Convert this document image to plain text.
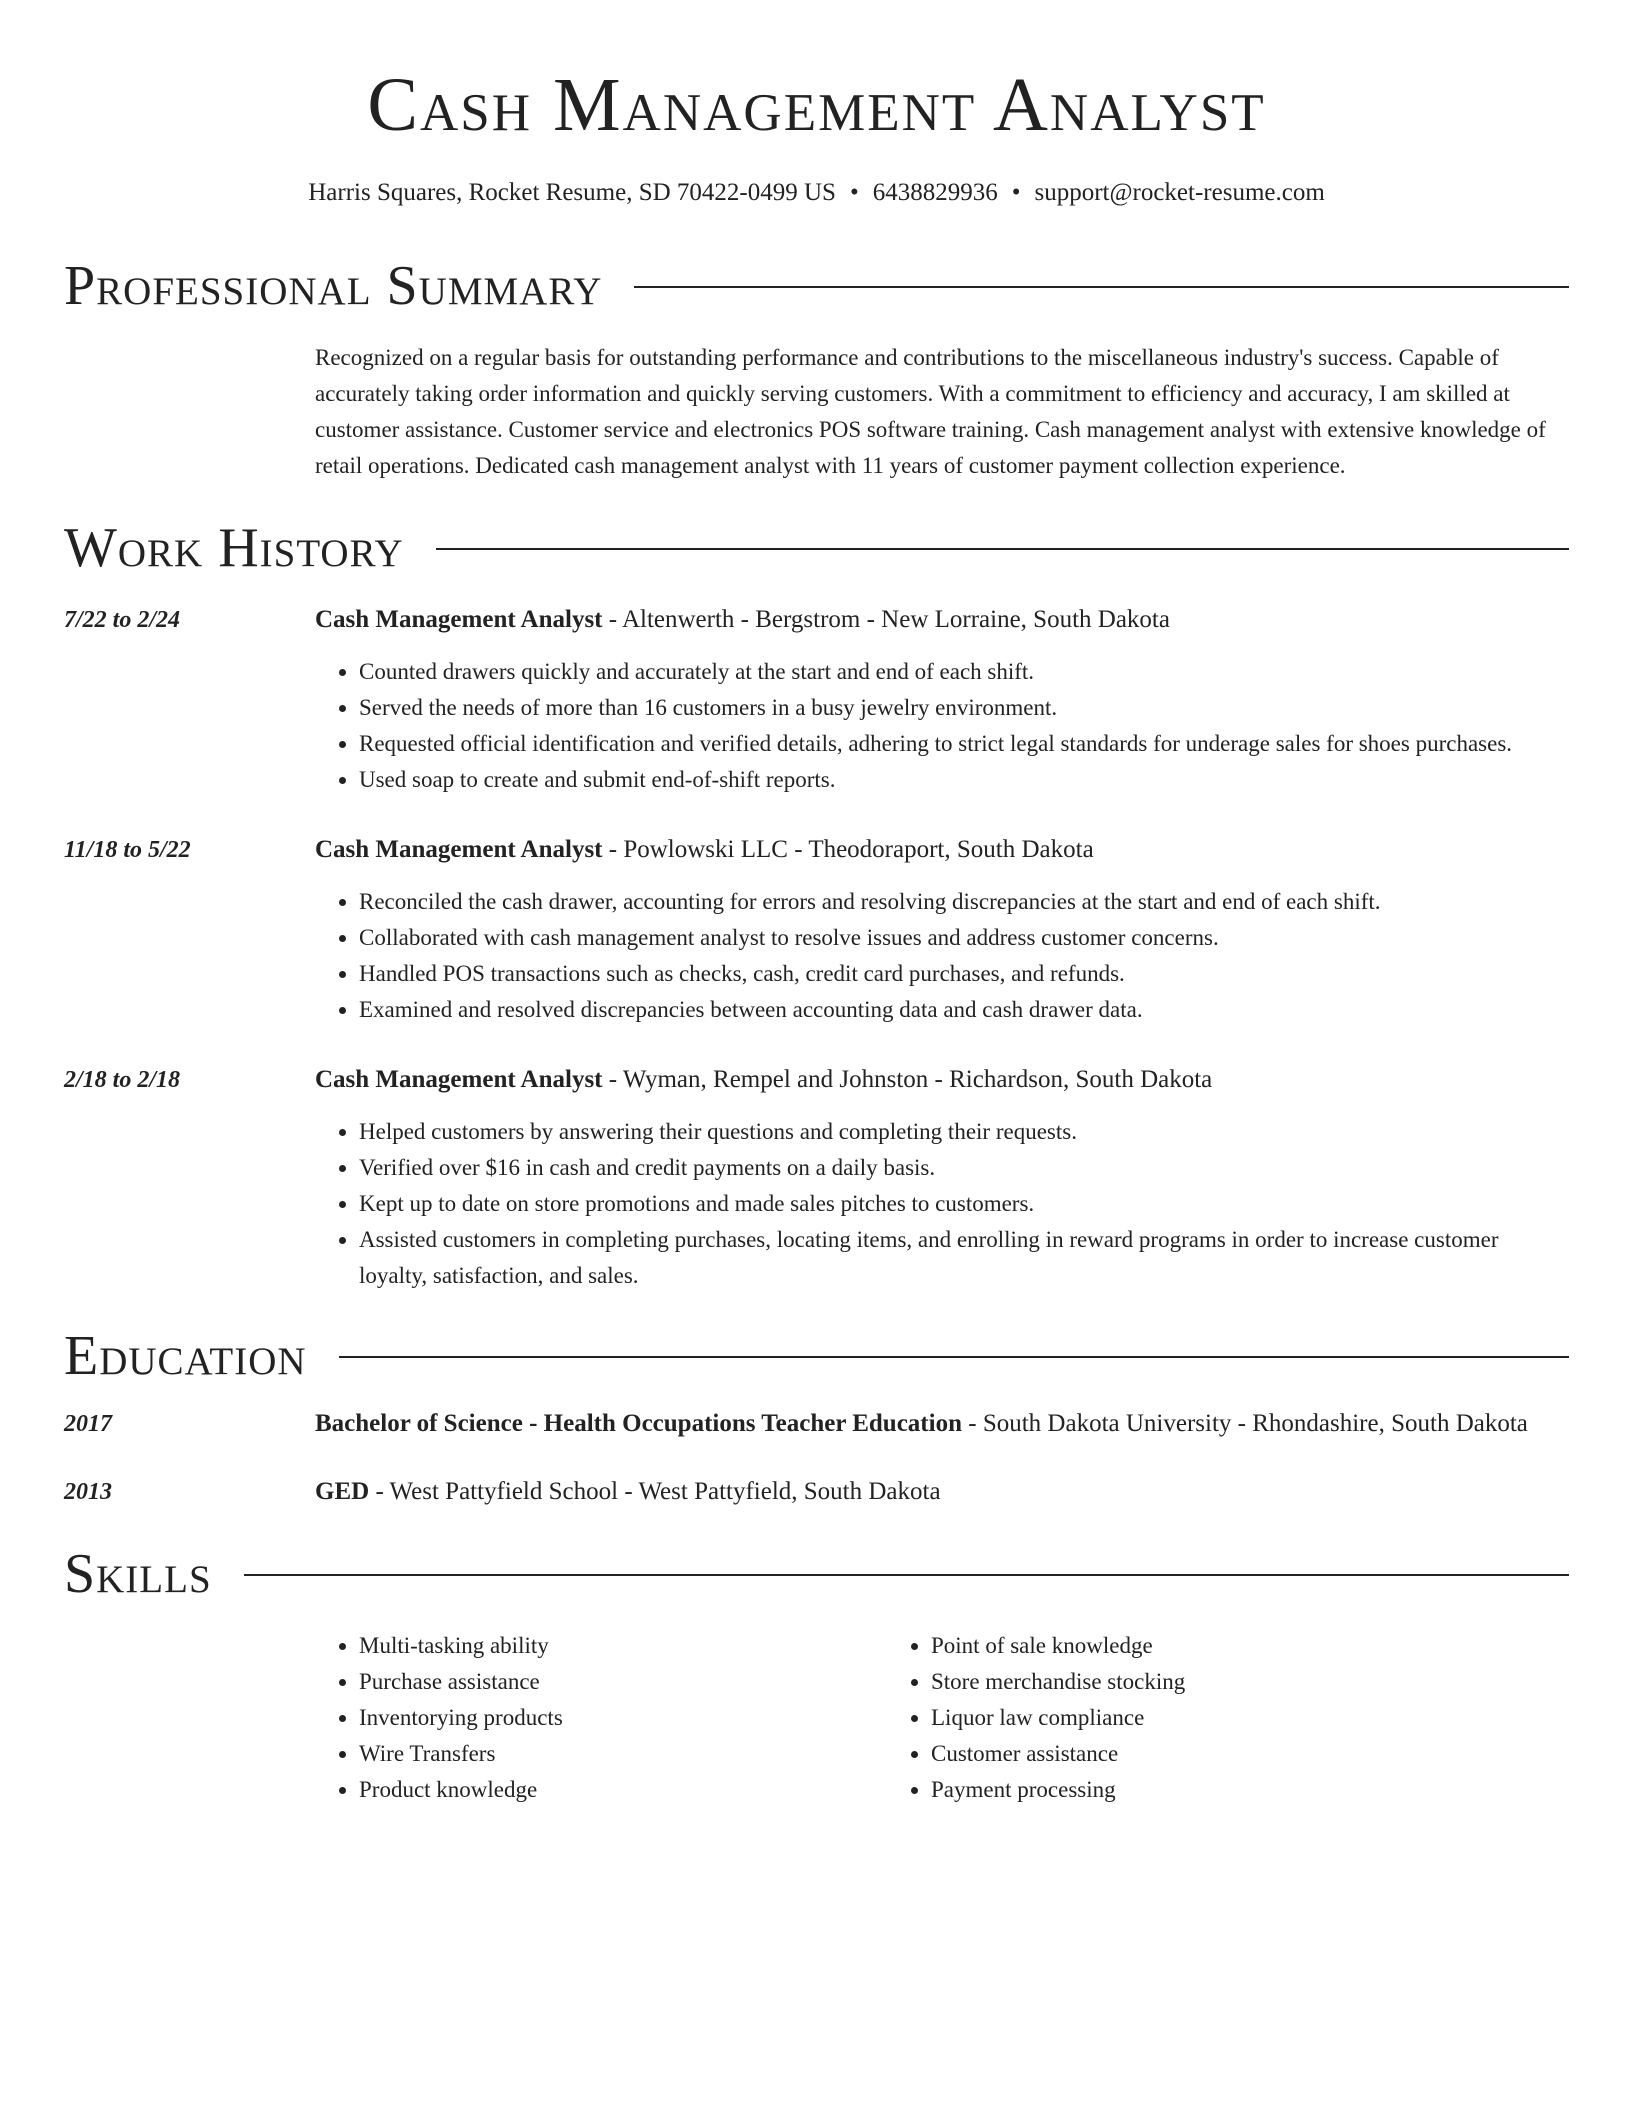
Cash Management Analyst
Harris Squares, Rocket Resume, SD 70422-0499 US • 6438829936 • support@rocket-resume.com
Professional Summary
Recognized on a regular basis for outstanding performance and contributions to the miscellaneous industry's success. Capable of accurately taking order information and quickly serving customers. With a commitment to efficiency and accuracy, I am skilled at customer assistance. Customer service and electronics POS software training. Cash management analyst with extensive knowledge of retail operations. Dedicated cash management analyst with 11 years of customer payment collection experience.
Work History
7/22 to 2/24	Cash Management Analyst - Altenwerth - Bergstrom - New Lorraine, South Dakota
• Counted drawers quickly and accurately at the start and end of each shift.
• Served the needs of more than 16 customers in a busy jewelry environment.
• Requested official identification and verified details, adhering to strict legal standards for underage sales for shoes purchases.
• Used soap to create and submit end-of-shift reports.
11/18 to 5/22	Cash Management Analyst - Powlowski LLC - Theodoraport, South Dakota
• Reconciled the cash drawer, accounting for errors and resolving discrepancies at the start and end of each shift.
• Collaborated with cash management analyst to resolve issues and address customer concerns.
• Handled POS transactions such as checks, cash, credit card purchases, and refunds.
• Examined and resolved discrepancies between accounting data and cash drawer data.
2/18 to 2/18	Cash Management Analyst - Wyman, Rempel and Johnston - Richardson, South Dakota
• Helped customers by answering their questions and completing their requests.
• Verified over $16 in cash and credit payments on a daily basis.
• Kept up to date on store promotions and made sales pitches to customers.
• Assisted customers in completing purchases, locating items, and enrolling in reward programs in order to increase customer loyalty, satisfaction, and sales.
Education
2017	Bachelor of Science - Health Occupations Teacher Education - South Dakota University - Rhondashire, South Dakota
2013	GED - West Pattyfield School - West Pattyfield, South Dakota
Skills
• Multi-tasking ability
• Purchase assistance
• Inventorying products
• Wire Transfers
• Product knowledge
• Point of sale knowledge
• Store merchandise stocking
• Liquor law compliance
• Customer assistance
• Payment processing
